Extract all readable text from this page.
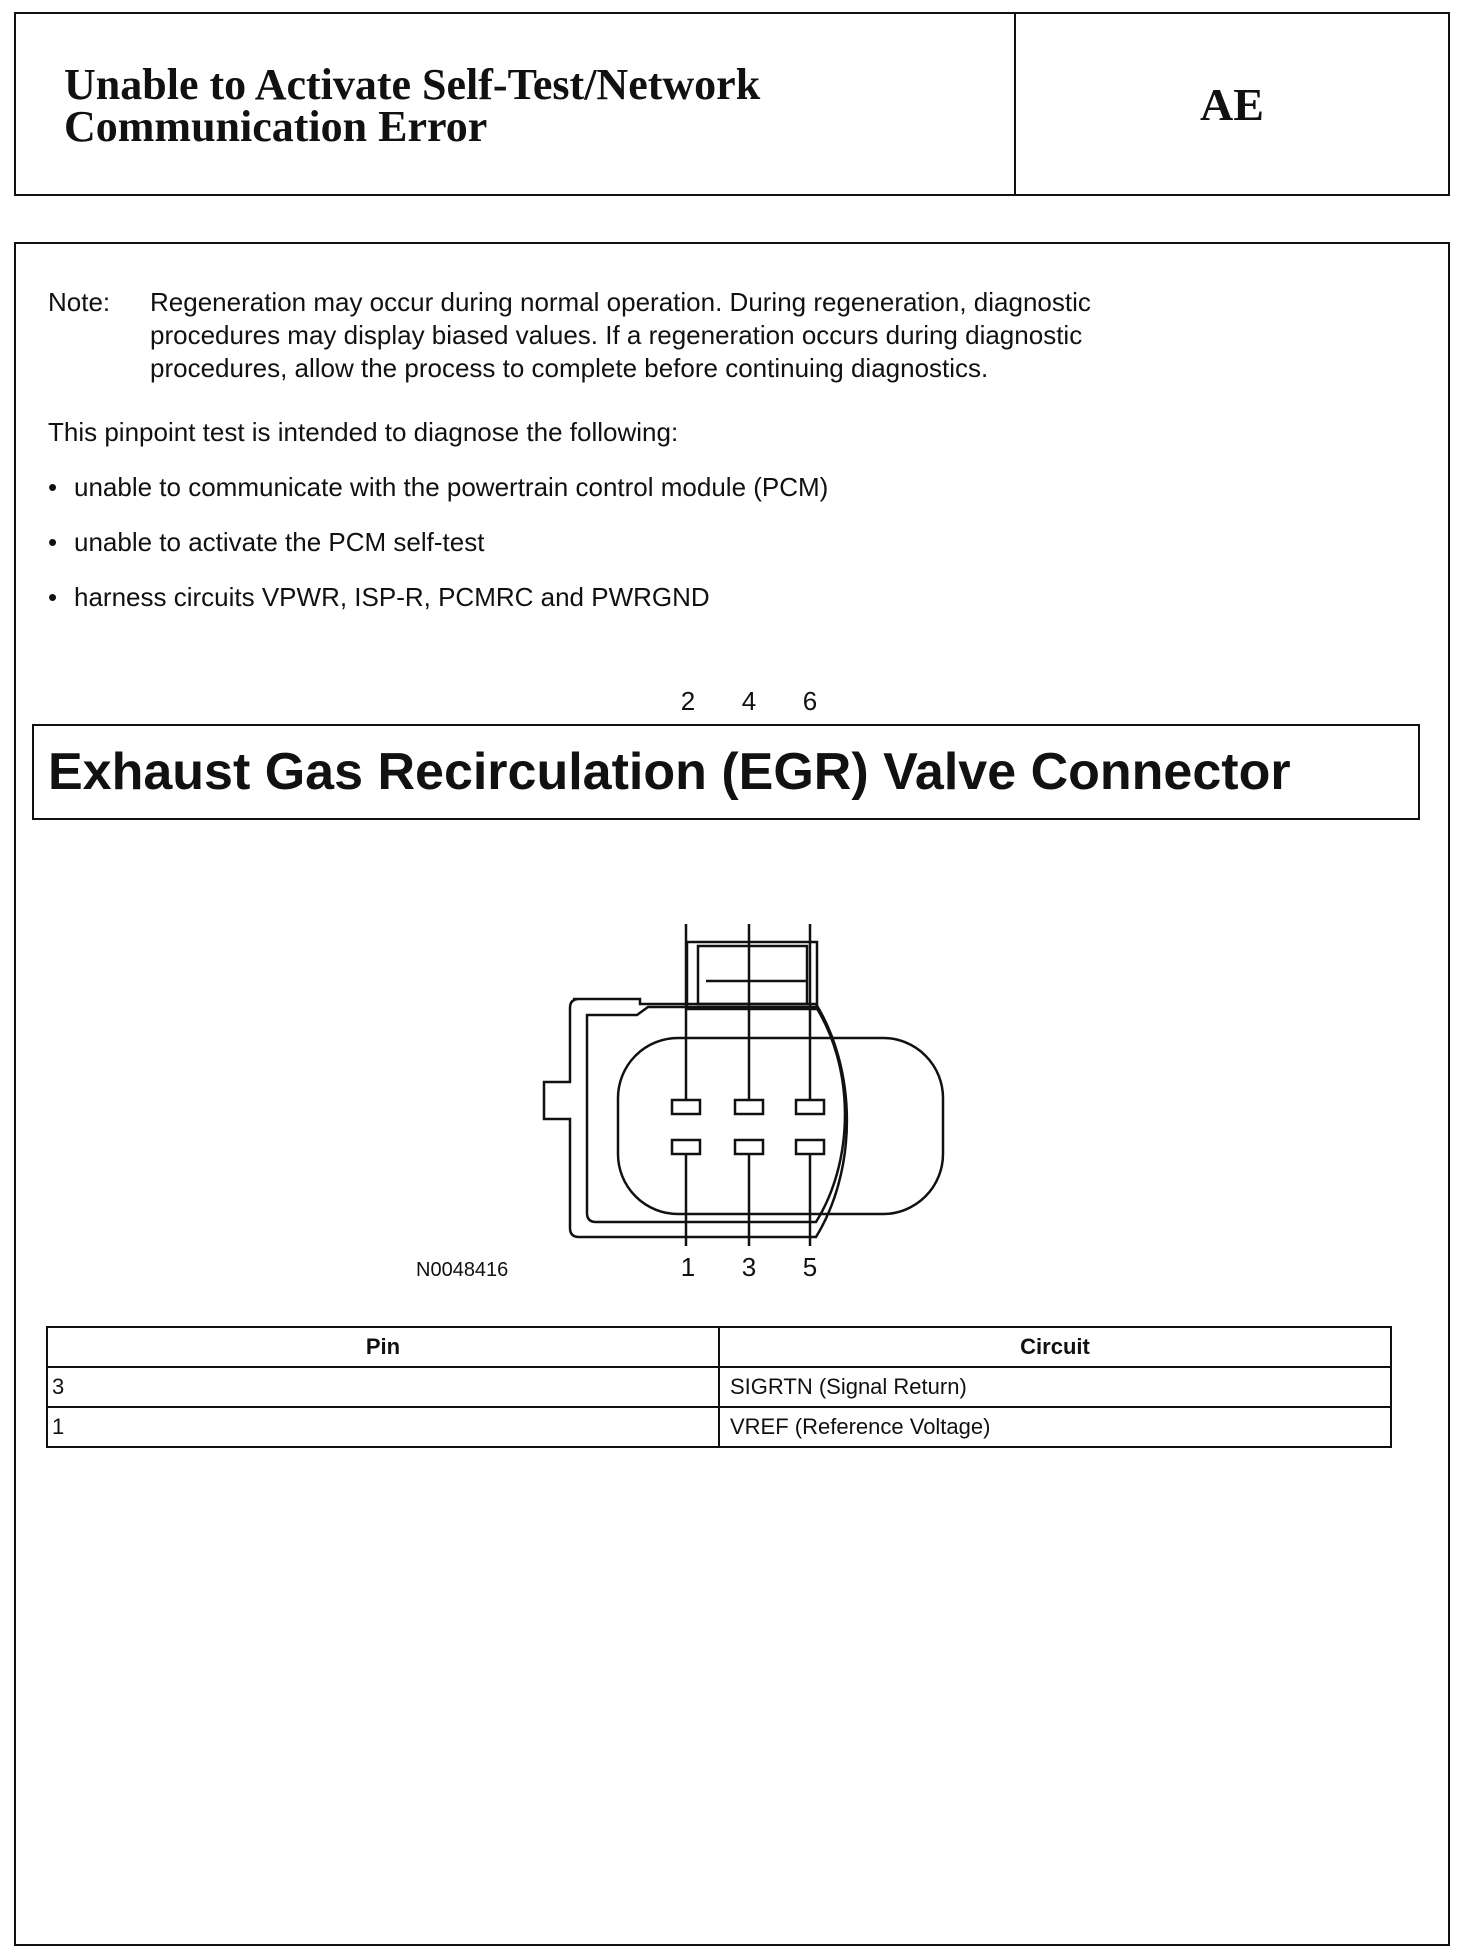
Unable to Activate Self-Test/Network
Communication Error	AE
Note:	Regeneration may occur during normal operation. During regeneration, diagnostic
procedures may display biased values. If a regeneration occurs during diagnostic
procedures, allow the process to complete before continuing diagnostics.
This pinpoint test is intended to diagnose the following:
• unable to communicate with the powertrain control module (PCM)
• unable to activate the PCM self-test
• harness circuits VPWR, ISP-R, PCMRC and PWRGND
Exhaust Gas Recirculation (EGR) Valve Connector
2 4 6
1 3 5
N0048416
Pin	Circuit
3	SIGRTN (Signal Return)
1	VREF (Reference Voltage)
